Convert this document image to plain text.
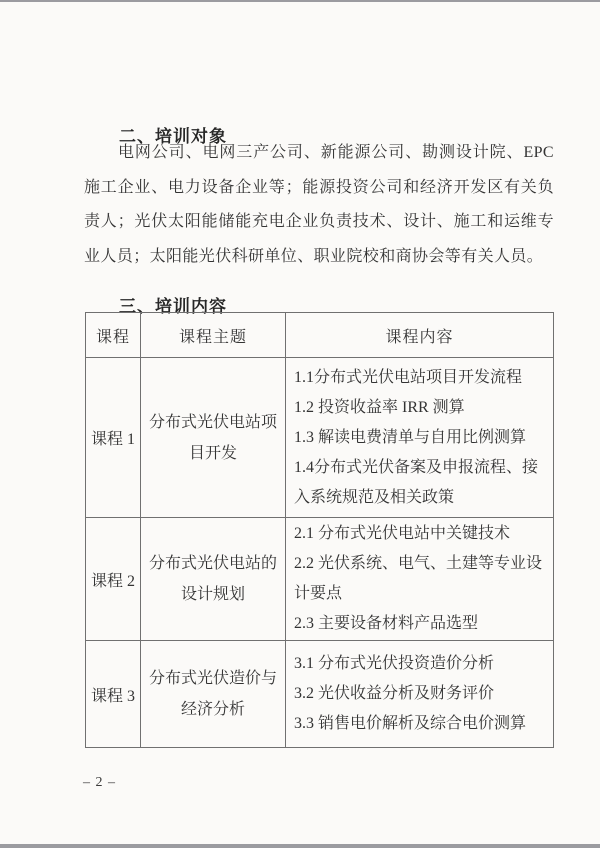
二、培训对象
电网公司、电网三产公司、新能源公司、勘测设计院、EPC
施工企业、电力设备企业等；能源投资公司和经济开发区有关负
责人；光伏太阳能储能充电企业负责技术、设计、施工和运维专
业人员；太阳能光伏科研单位、职业院校和商协会等有关人员。
三、培训内容
课程	课程主题	课程内容
课程 1	分布式光伏电站项目开发	1.1分布式光伏电站项目开发流程
1.2 投资收益率 IRR 测算
1.3 解读电费清单与自用比例测算
1.4分布式光伏备案及申报流程、接入系统规范及相关政策

课程 2	分布式光伏电站的设计规划	2.1 分布式光伏电站中关键技术
2.2 光伏系统、电气、土建等专业设计要点
2.3 主要设备材料产品选型

课程 3	分布式光伏造价与经济分析	3.1 分布式光伏投资造价分析
3.2 光伏收益分析及财务评价
3.3 销售电价解析及综合电价测算
– 2 –
